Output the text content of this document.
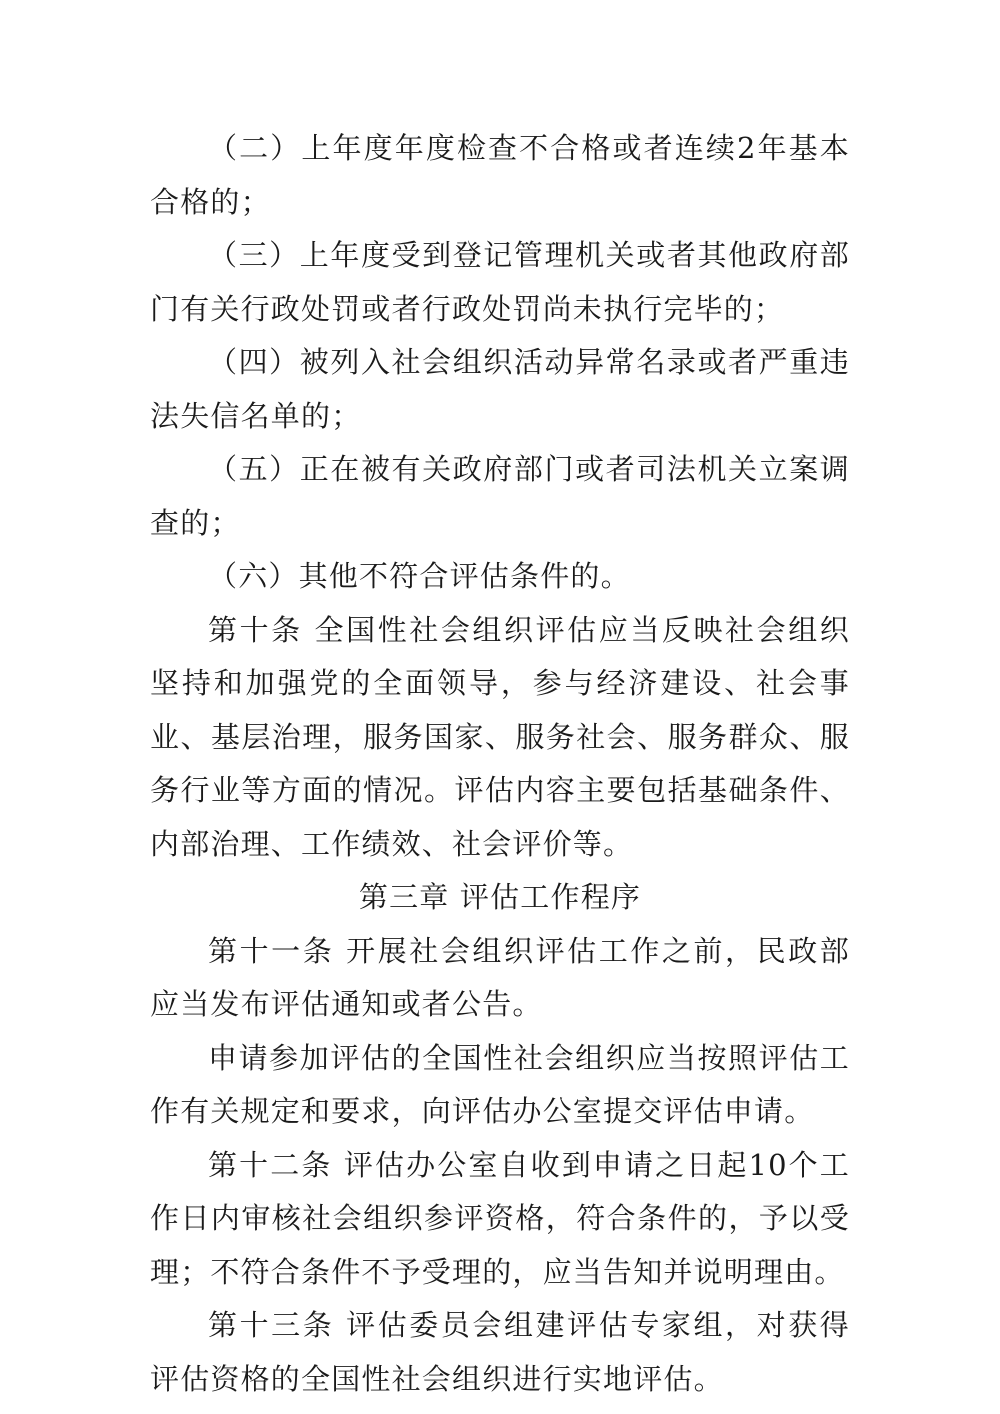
（二）上年度年度检查不合格或者连续2年基本合格的；

（三）上年度受到登记管理机关或者其他政府部门有关行政处罚或者行政处罚尚未执行完毕的；

（四）被列入社会组织活动异常名录或者严重违法失信名单的；

（五）正在被有关政府部门或者司法机关立案调查的；

（六）其他不符合评估条件的。

第十条 全国性社会组织评估应当反映社会组织坚持和加强党的全面领导，参与经济建设、社会事业、基层治理，服务国家、服务社会、服务群众、服务行业等方面的情况。评估内容主要包括基础条件、内部治理、工作绩效、社会评价等。

第三章 评估工作程序

第十一条 开展社会组织评估工作之前，民政部应当发布评估通知或者公告。

申请参加评估的全国性社会组织应当按照评估工作有关规定和要求，向评估办公室提交评估申请。

第十二条 评估办公室自收到申请之日起10个工作日内审核社会组织参评资格，符合条件的，予以受理；不符合条件不予受理的，应当告知并说明理由。

第十三条 评估委员会组建评估专家组，对获得评估资格的全国性社会组织进行实地评估。
